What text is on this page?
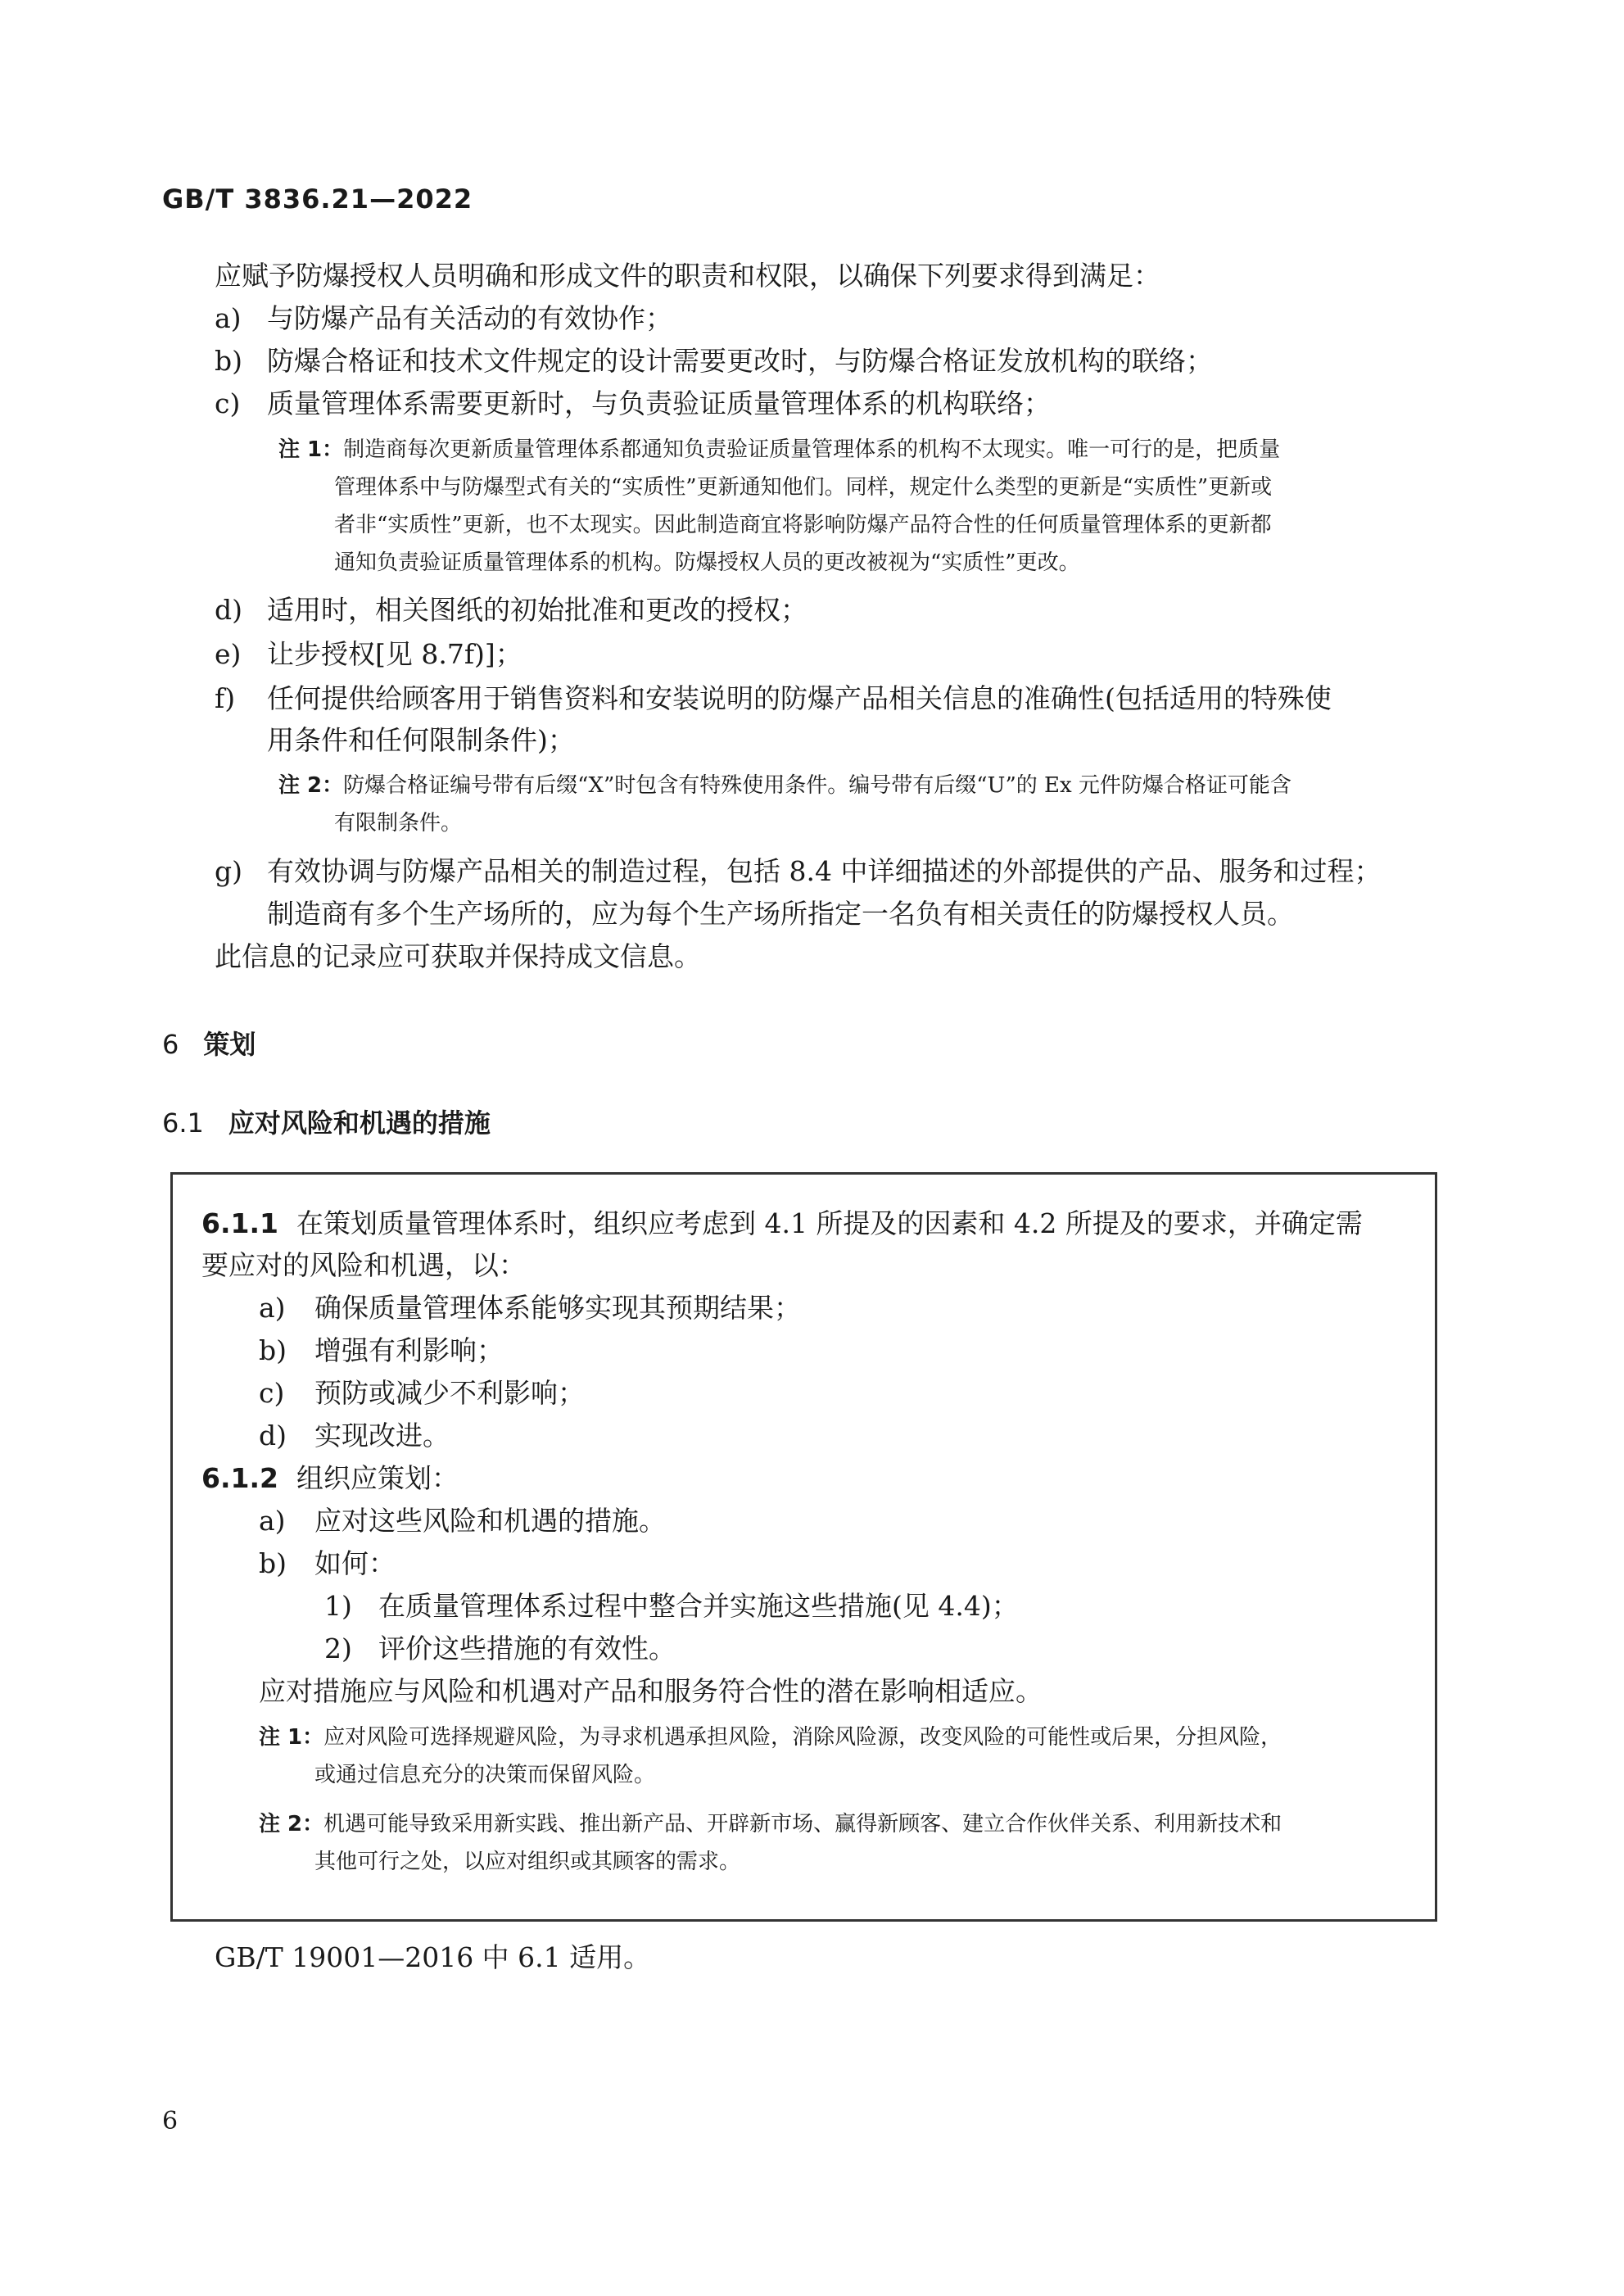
GB/T 3836.21—2022
应赋予防爆授权人员明确和形成文件的职责和权限，以确保下列要求得到满足：
a) 与防爆产品有关活动的有效协作；
b) 防爆合格证和技术文件规定的设计需要更改时，与防爆合格证发放机构的联络；
c) 质量管理体系需要更新时，与负责验证质量管理体系的机构联络；
注 1：制造商每次更新质量管理体系都通知负责验证质量管理体系的机构不太现实。唯一可行的是，把质量
管理体系中与防爆型式有关的“实质性”更新通知他们。同样，规定什么类型的更新是“实质性”更新或
者非“实质性”更新，也不太现实。因此制造商宜将影响防爆产品符合性的任何质量管理体系的更新都
通知负责验证质量管理体系的机构。防爆授权人员的更改被视为“实质性”更改。
d) 适用时，相关图纸的初始批准和更改的授权；
e) 让步授权[见 8.7f)]；
f) 任何提供给顾客用于销售资料和安装说明的防爆产品相关信息的准确性(包括适用的特殊使
用条件和任何限制条件)；
注 2：防爆合格证编号带有后缀“X”时包含有特殊使用条件。编号带有后缀“U”的 Ex 元件防爆合格证可能含
有限制条件。
g) 有效协调与防爆产品相关的制造过程，包括 8.4 中详细描述的外部提供的产品、服务和过程；
制造商有多个生产场所的，应为每个生产场所指定一名负有相关责任的防爆授权人员。
此信息的记录应可获取并保持成文信息。
6 策划
6.1 应对风险和机遇的措施
6.1.1 在策划质量管理体系时，组织应考虑到 4.1 所提及的因素和 4.2 所提及的要求，并确定需
要应对的风险和机遇，以：
a) 确保质量管理体系能够实现其预期结果；
b) 增强有利影响；
c) 预防或减少不利影响；
d) 实现改进。
6.1.2 组织应策划：
a) 应对这些风险和机遇的措施。
b) 如何：
1) 在质量管理体系过程中整合并实施这些措施(见 4.4)；
2) 评价这些措施的有效性。
应对措施应与风险和机遇对产品和服务符合性的潜在影响相适应。
注 1：应对风险可选择规避风险，为寻求机遇承担风险，消除风险源，改变风险的可能性或后果，分担风险，
或通过信息充分的决策而保留风险。
注 2：机遇可能导致采用新实践、推出新产品、开辟新市场、赢得新顾客、建立合作伙伴关系、利用新技术和
其他可行之处，以应对组织或其顾客的需求。
GB/T 19001—2016 中 6.1 适用。
6
